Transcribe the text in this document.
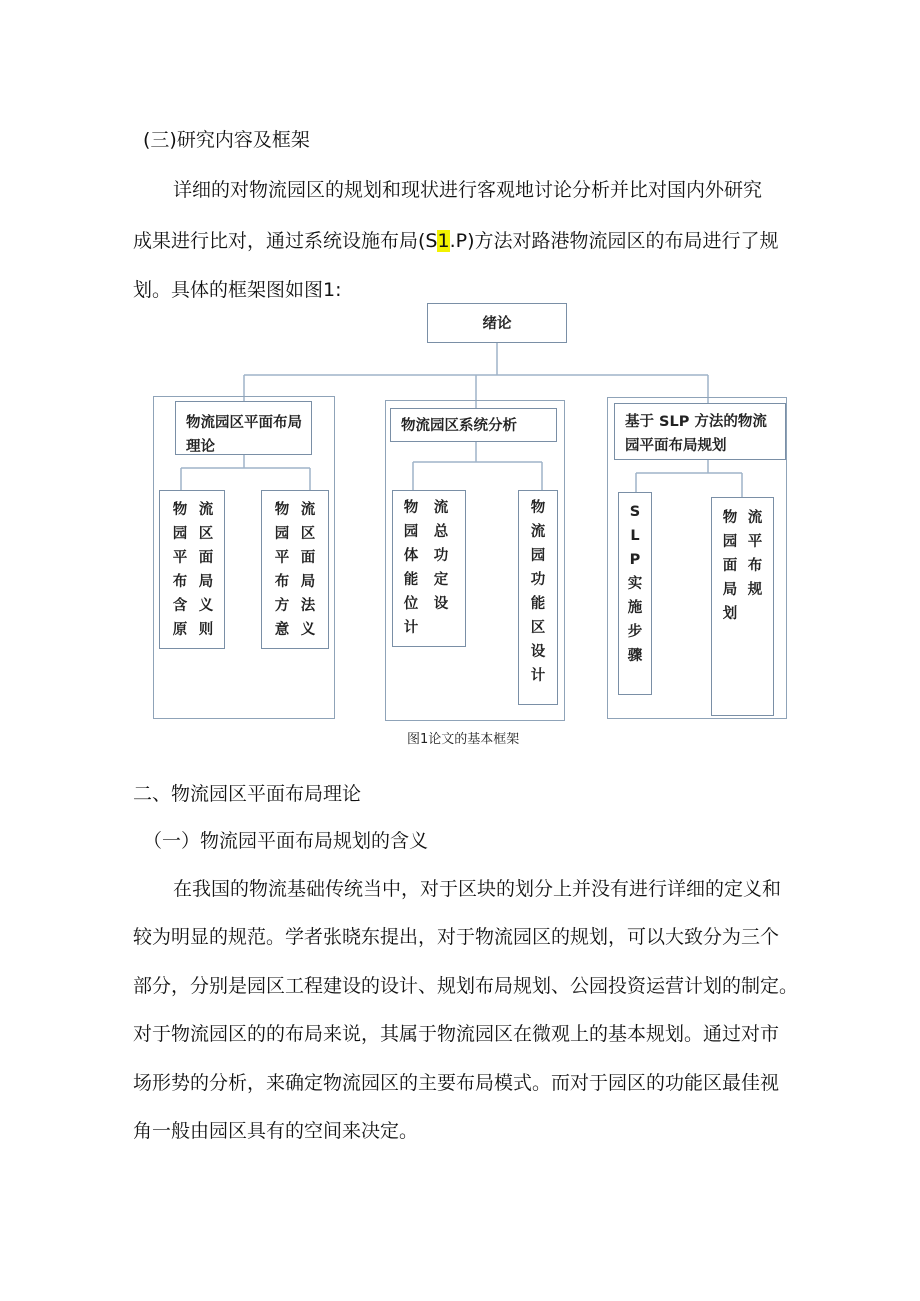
(三)研究内容及框架
详细的对物流园区的规划和现状进行客观地讨论分析并比对国内外研究
成果进行比对，通过系统设施布局(S1.P)方法对路港物流园区的布局进行了规
划。具体的框架图如图1:
绪论
物流园区平面布局理论
物园平布含原
流区面局义则
物园平布方意
流区面局法义
物流园区系统分析
物园体能位计
流总功定设
物流园功能区设计
基于 SLP 方法的物流
园平面布局规划
SLP实施步骤
物园面局划
流平布规
图1论文的基本框架
二、物流园区平面布局理论
（一）物流园平面布局规划的含义
在我国的物流基础传统当中，对于区块的划分上并没有进行详细的定义和
较为明显的规范。学者张晓东提出，对于物流园区的规划，可以大致分为三个
部分，分别是园区工程建设的设计、规划布局规划、公园投资运营计划的制定。
对于物流园区的的布局来说，其属于物流园区在微观上的基本规划。通过对市
场形势的分析，来确定物流园区的主要布局模式。而对于园区的功能区最佳视
角一般由园区具有的空间来决定。
